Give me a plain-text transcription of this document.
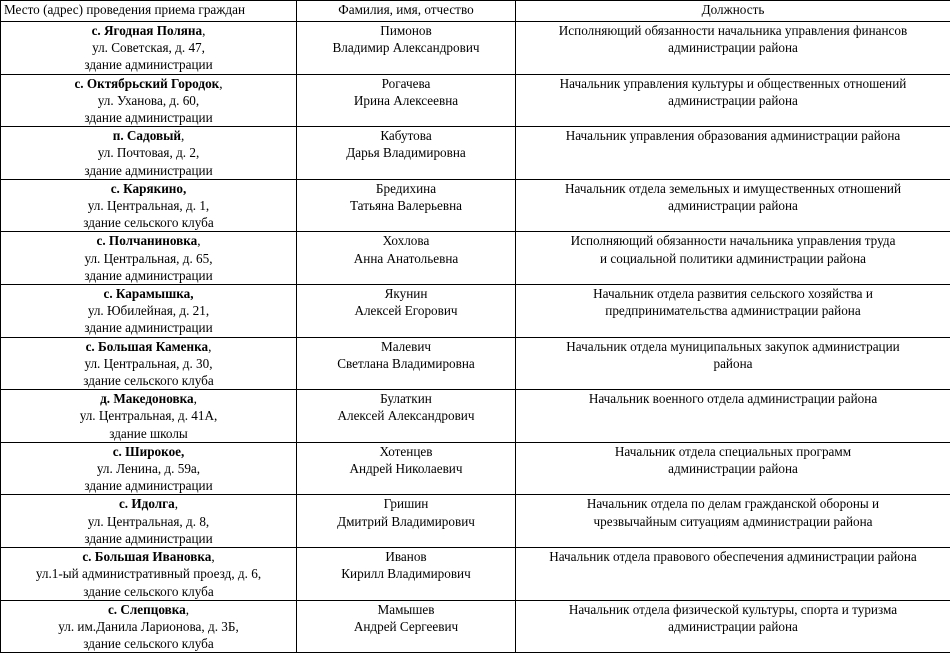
Место (адрес) проведения приема граждан	Фамилия, имя, отчество	Должность

с. Ягодная Поляна,
ул. Советская, д. 47,
здание администрации	Пимонов
Владимир Александрович	Исполняющий обязанности начальника управления финансов
администрации района

с. Октябрьский Городок,
ул. Уханова, д. 60,
здание администрации	Рогачева
Ирина Алексеевна	Начальник управления культуры и общественных отношений
администрации района

п. Садовый,
ул. Почтовая, д. 2,
здание администрации	Кабутова
Дарья Владимировна	Начальник управления образования администрации района

с. Карякино,
ул. Центральная, д. 1,
здание сельского клуба	Бредихина
Татьяна Валерьевна	Начальник отдела земельных и имущественных отношений
администрации района

с. Полчаниновка,
ул. Центральная, д. 65,
здание администрации	Хохлова
Анна Анатольевна	Исполняющий обязанности начальника управления труда
и социальной политики администрации района

с. Карамышка,
ул. Юбилейная, д. 21,
здание администрации	Якунин
Алексей Егорович	Начальник отдела развития сельского хозяйства и
предпринимательства администрации района

с. Большая Каменка,
ул. Центральная, д. 30,
здание сельского клуба	Малевич
Светлана Владимировна	Начальник отдела муниципальных закупок администрации
района

д. Македоновка,
ул. Центральная, д. 41А,
здание школы	Булаткин
Алексей Александрович	Начальник военного отдела администрации района

с. Широкое,
ул. Ленина, д. 59а,
здание администрации	Хотенцев
Андрей Николаевич	Начальник отдела специальных программ
администрации района

с. Идолга,
ул. Центральная, д. 8,
здание администрации	Гришин
Дмитрий Владимирович	Начальник отдела по делам гражданской обороны и
чрезвычайным ситуациям администрации района

с. Большая Ивановка,
ул.1-ый административный проезд, д. 6,
здание сельского клуба	Иванов
Кирилл Владимирович	Начальник отдела правового обеспечения администрации района

с. Слепцовка,
ул. им.Данила Ларионова, д. 3Б,
здание сельского клуба	Мамышев
Андрей Сергеевич	Начальник отдела физической культуры, спорта и туризма
администрации района
